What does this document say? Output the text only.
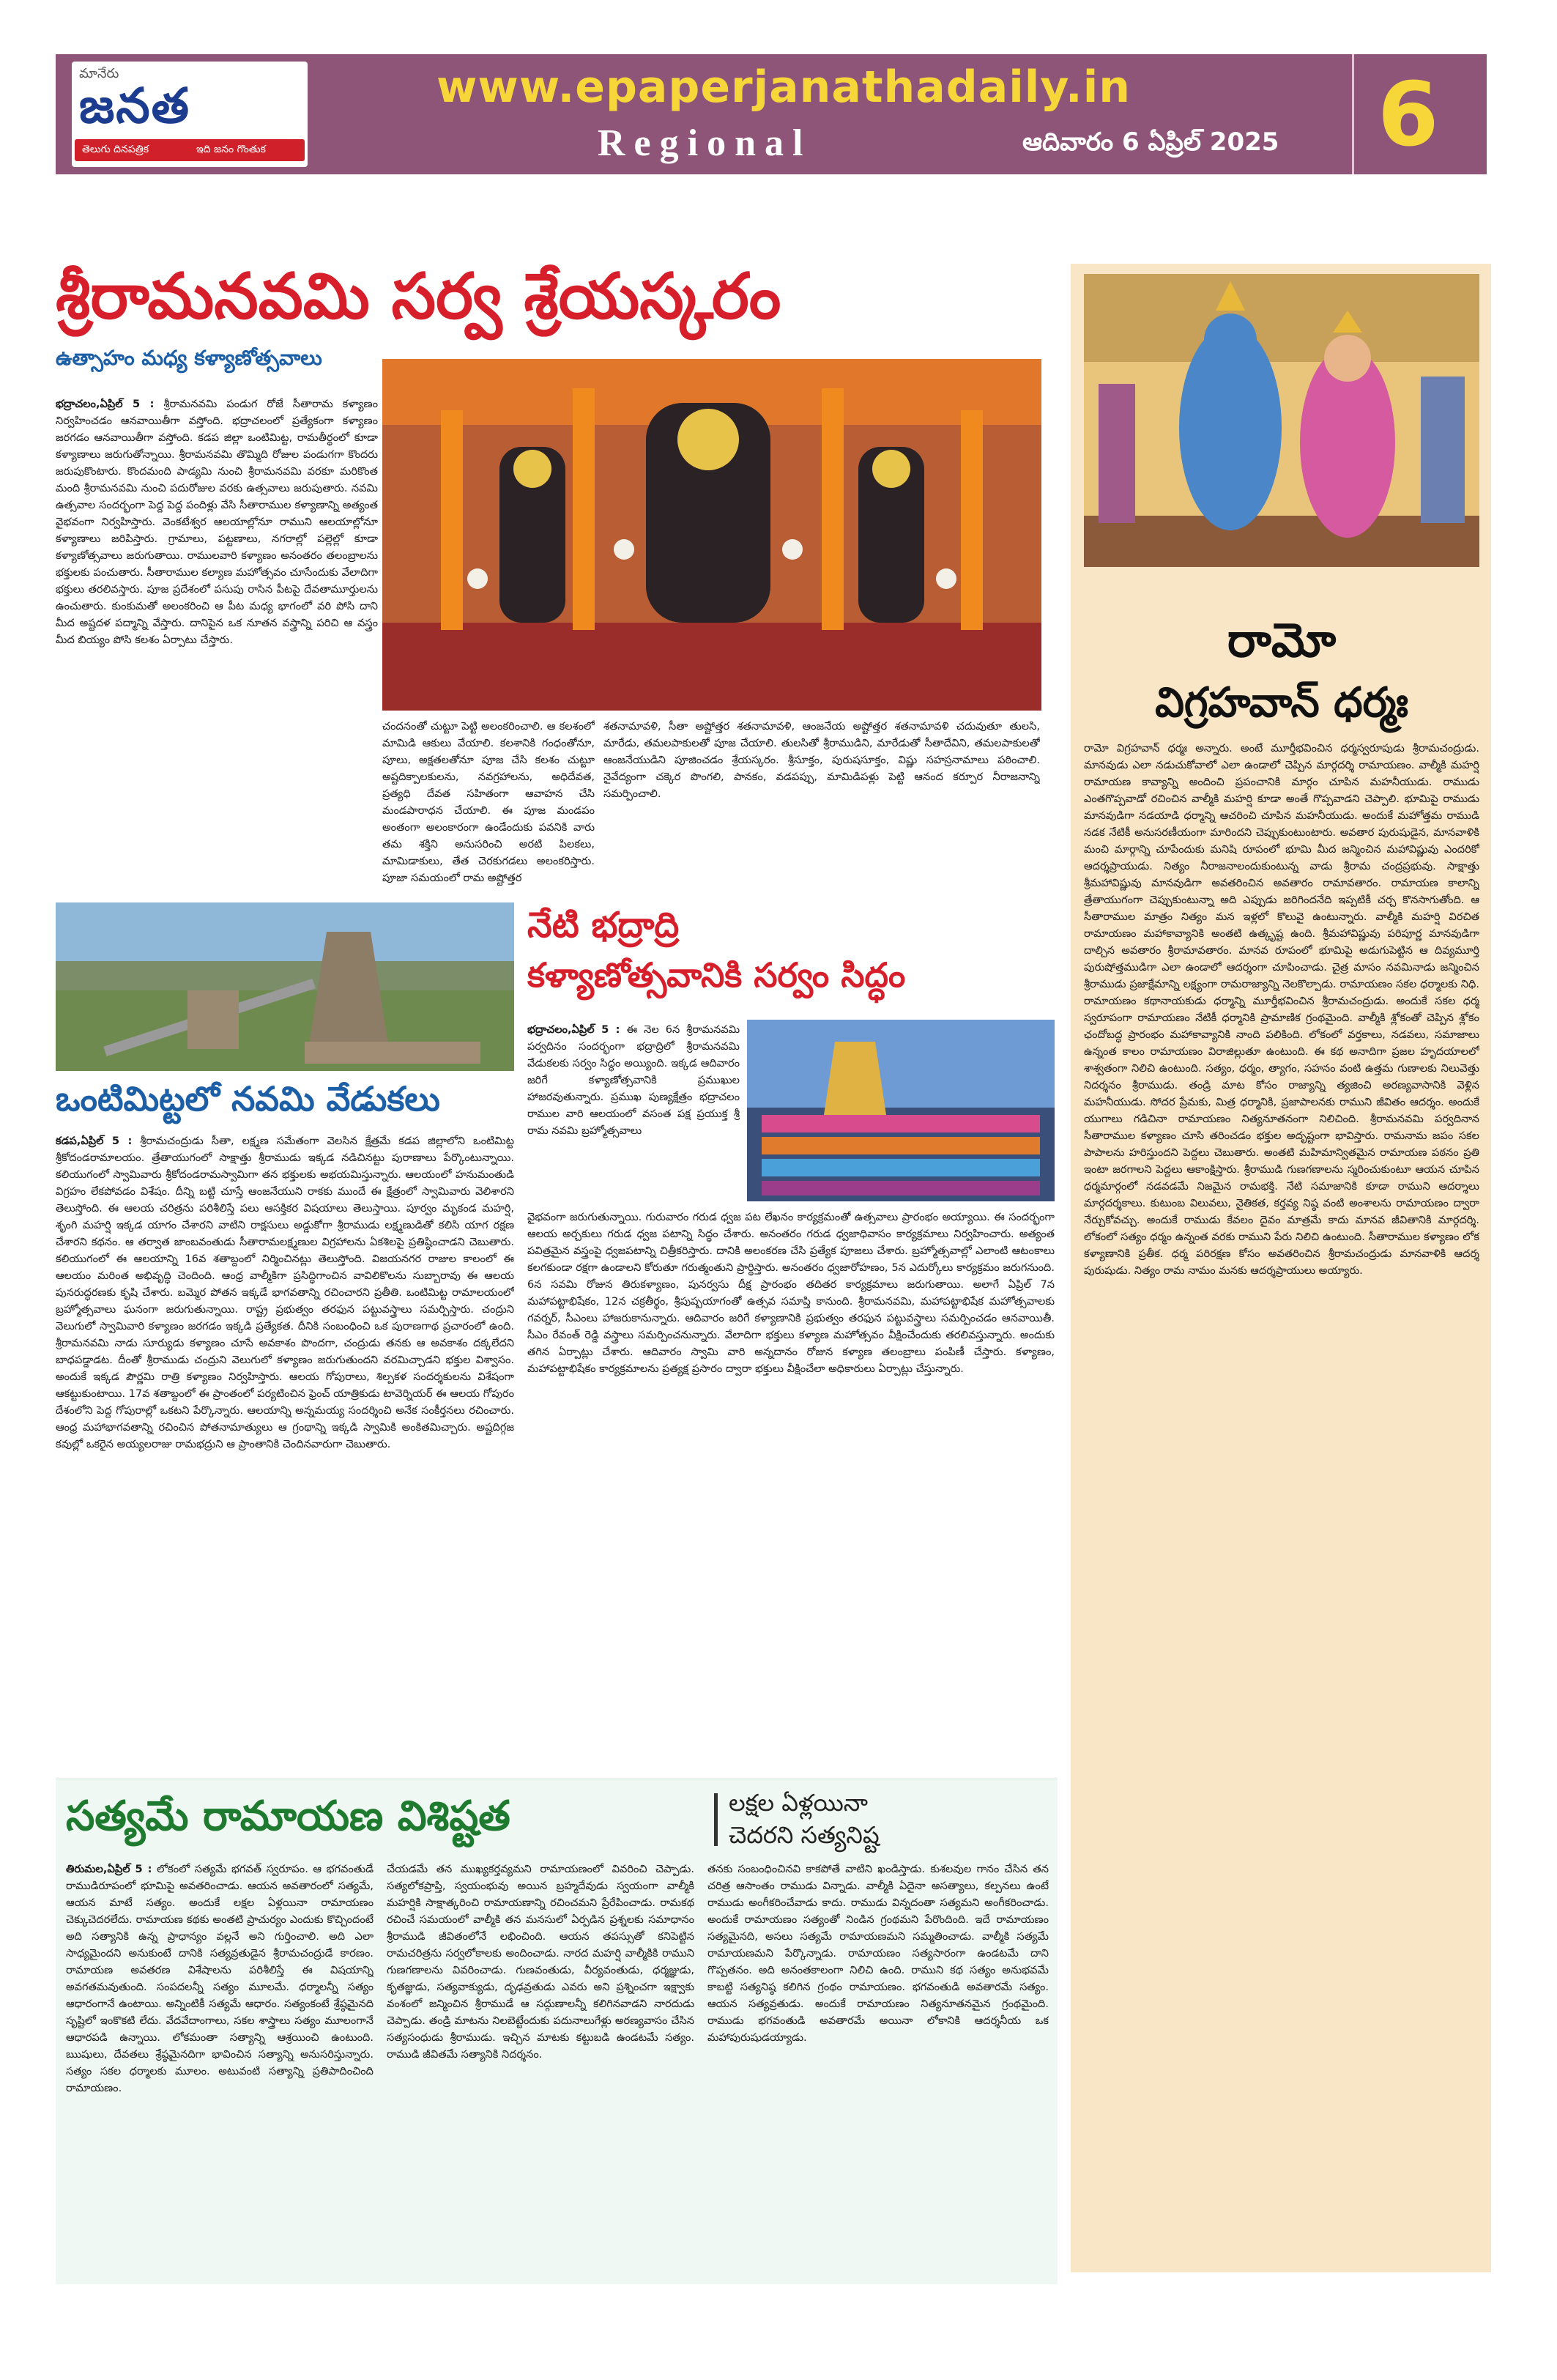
మానేరు
జనత
తెలుగు దినపత్రిక	ఇది జనం గొంతుక
www.epaperjanathadaily.in
Regional	ఆదివారం 6 ఏప్రిల్ 2025 6
శ్రీరామనవమి సర్వ శ్రేయస్కరం
ఉత్సాహం మధ్య కళ్యాణోత్సవాలు
భద్రాచలం,ఏప్రిల్ 5 : శ్రీరామనవమి పండుగ రోజే సీతారామ కళ్యాణం నిర్వహించడం ఆనవాయితీగా వస్తోంది. భద్రాచలంలో ప్రత్యేకంగా కళ్యాణం జరగడం ఆనవాయితీగా వస్తోంది. కడప జిల్లా ఒంటిమిట్ట, రామతీర్థంలో కూడా కళ్యాణాలు జరుగుతోన్నాయి. శ్రీరామనవమి తొమ్మిది రోజుల పండుగగా కొందరు జరుపుకొంటారు. కొందమంది పాడ్యమి నుంచి శ్రీరామనవమి వరకూ మరికొంత మంది శ్రీరామనవమి నుంచి పదురోజుల వరకు ఉత్సవాలు జరుపుతారు. నవమి ఉత్సవాల సందర్భంగా పెద్ద పెద్ద పందిళ్లు వేసి సీతారాముల కళ్యాణాన్ని అత్యంత వైభవంగా నిర్వహిస్తారు. వెంకటేశ్వర ఆలయాల్లోనూ రాముని ఆలయాల్లోనూ కళ్యాణాలు జరిపిస్తారు. గ్రామాలు, పట్టణాలు, నగరాల్లో పల్లెల్లో కూడా కళ్యాణోత్సవాలు జరుగుతాయి. రాములవారి కళ్యాణం అనంతరం తలంబ్రాలను భక్తులకు పంచుతారు. సీతారాముల కల్యాణ మహోత్సవం చూసేందుకు వేలాదిగా భక్తులు తరలివస్తారు. పూజ ప్రదేశంలో పసుపు రాసిన పీటపై దేవతామూర్తులను ఉంచుతారు. కుంకుమతో అలంకరించి ఆ పీట మధ్య భాగంలో వరి పోసి దాని మీద అష్టదళ పద్మాన్ని వేస్తారు. దానిపైన ఒక నూతన వస్త్రాన్ని పరిచి ఆ వస్త్రం మీద బియ్యం పోసి కలశం ఏర్పాటు చేస్తారు.
చందనంతో చుట్టూ పెట్టి అలంకరించాలి. ఆ కలశంలో మామిడి ఆకులు వేయాలి. కలశానికి గంధంతోనూ, పూలు, అక్షతలతోనూ పూజ చేసి కలశం చుట్టూ అష్టదిక్పాలకులను, నవగ్రహాలను, అధిదేవత, ప్రత్యధి దేవత సహితంగా ఆవాహన చేసి మండపారాధన చేయాలి. ఈ పూజ మండపం అంతంగా అలంకారంగా ఉండేందుకు పవనికి వారు తమ శక్తిని అనుసరించి అరటి పిలకలు, మామిడాకులు, తేత చెరకుగడలు అలంకరిస్తారు. పూజా సమయంలో రామ అష్టోత్తర
శతనామావళి, సీతా అష్టోత్తర శతనామావళి, ఆంజనేయ అష్టోత్తర శతనామావళి చదువుతూ తులసి, మారేడు, తమలపాకులతో పూజ చేయాలి. తులసితో శ్రీరాముడిని, మారేడుతో సీతాదేవిని, తమలపాకులతో ఆంజనేయుడిని పూజించడం శ్రేయస్కరం. శ్రీసూక్తం, పురుషసూక్తం, విష్ణు సహస్రనామాలు పఠించాలి. నైవేద్యంగా చక్కెర పొంగలి, పానకం, వడపప్పు, మామిడిపళ్లు పెట్టి ఆనంద కర్పూర నీరాజనాన్ని సమర్పించాలి.
ఒంటిమిట్టలో నవమి వేడుకలు
కడప,ఏప్రిల్ 5 : శ్రీరామచంద్రుడు సీతా, లక్ష్మణ సమేతంగా వెలసిన క్షేత్రమే కడప జిల్లాలోని ఒంటిమిట్ట శ్రీకోదండరామాలయం. త్రేతాయుగంలో సాక్షాత్తు శ్రీరాముడు ఇక్కడ నడిచినట్టు పురాణాలు పేర్కొంటున్నాయి. కలియుగంలో స్వామివారు శ్రీకోదండరామస్వామిగా తన భక్తులకు అభయమిస్తున్నారు. ఆలయంలో హనుమంతుడి విగ్రహం లేకపోవడం విశేషం. దీన్ని బట్టి చూస్తే ఆంజనేయుని రాకకు ముందే ఈ క్షేత్రంలో స్వామివారు వెలిశారని తెలుస్తోంది. ఈ ఆలయ చరిత్రను పరిశీలిస్తే పలు ఆసక్తికర విషయాలు తెలుస్తాయి. పూర్వం మృకండ మహర్షి, శృంగి మహర్షి ఇక్కడ యాగం చేశారని వాటిని రాక్షసులు అడ్డుకోగా శ్రీరాముడు లక్ష్మణుడితో కలిసి యాగ రక్షణ చేశారని కథనం. ఆ తర్వాత జాంబవంతుడు సీతారామలక్ష్మణుల విగ్రహాలను ఏకశిలపై ప్రతిష్ఠించాడని చెబుతారు. కలియుగంలో ఈ ఆలయాన్ని 16వ శతాబ్దంలో నిర్మించినట్లు తెలుస్తోంది. విజయనగర రాజుల కాలంలో ఈ ఆలయం మరింత అభివృద్ధి చెందింది. ఆంధ్ర వాల్మీకిగా ప్రసిద్ధిగాంచిన వావిలికొలను సుబ్బారావు ఈ ఆలయ పునరుద్ధరణకు కృషి చేశారు. బమ్మెర పోతన ఇక్కడే భాగవతాన్ని రచించారని ప్రతీతి. ఒంటిమిట్ట రామాలయంలో బ్రహ్మోత్సవాలు ఘనంగా జరుగుతున్నాయి. రాష్ట్ర ప్రభుత్వం తరఫున పట్టువస్త్రాలు సమర్పిస్తారు. చంద్రుని వెలుగులో స్వామివారి కళ్యాణం జరగడం ఇక్కడి ప్రత్యేకత. దీనికి సంబంధించి ఒక పురాణగాథ ప్రచారంలో ఉంది. శ్రీరామనవమి నాడు సూర్యుడు కళ్యాణం చూసే అవకాశం పొందగా, చంద్రుడు తనకు ఆ అవకాశం దక్కలేదని బాధపడ్డాడట. దీంతో శ్రీరాముడు చంద్రుని వెలుగులో కళ్యాణం జరుగుతుందని వరమిచ్చాడని భక్తుల విశ్వాసం. అందుకే ఇక్కడ పౌర్ణమి రాత్రి కళ్యాణం నిర్వహిస్తారు. ఆలయ గోపురాలు, శిల్పకళ సందర్శకులను విశేషంగా ఆకట్టుకుంటాయి. 17వ శతాబ్దంలో ఈ ప్రాంతంలో పర్యటించిన ఫ్రెంచ్ యాత్రికుడు టావెర్నియర్ ఈ ఆలయ గోపురం దేశంలోని పెద్ద గోపురాల్లో ఒకటని పేర్కొన్నారు. ఆలయాన్ని అన్నమయ్య సందర్శించి అనేక సంకీర్తనలు రచించారు. ఆంధ్ర మహాభాగవతాన్ని రచించిన పోతనామాత్యులు ఆ గ్రంథాన్ని ఇక్కడి స్వామికి అంకితమిచ్చారు. అష్టదిగ్గజ కవుల్లో ఒకరైన అయ్యలరాజు రామభద్రుని ఆ ప్రాంతానికి చెందినవారుగా చెబుతారు.
నేటి భద్రాద్రి
కళ్యాణోత్సవానికి సర్వం సిద్ధం
భద్రాచలం,ఏప్రిల్ 5 : ఈ నెల 6న శ్రీరామనవమి పర్వదినం సందర్భంగా భద్రాద్రిలో శ్రీరామనవమి వేడుకలకు సర్వం సిద్ధం అయ్యింది. ఇక్కడ ఆదివారం జరిగే కళ్యాణోత్సవానికి ప్రముఖుల హాజరవుతున్నారు. ప్రముఖ పుణ్యక్షేత్రం భద్రాచలం రాముల వారి ఆలయంలో వసంత పక్ష ప్రయుక్త శ్రీ రామ నవమి బ్రహ్మోత్సవాలు
వైభవంగా జరుగుతున్నాయి. గురువారం గరుడ ధ్వజ పట లేఖనం కార్యక్రమంతో ఉత్సవాలు ప్రారంభం అయ్యాయి. ఈ సందర్భంగా ఆలయ అర్చకులు గరుడ ధ్వజ పటాన్ని సిద్ధం చేశారు. అనంతరం గరుడ ధ్వజాధివాసం కార్యక్రమాలు నిర్వహించారు. అత్యంత పవిత్రమైన వస్త్రంపై ధ్వజపటాన్ని చిత్రీకరిస్తారు. దానికి అలంకరణ చేసి ప్రత్యేక పూజలు చేశారు. బ్రహ్మోత్సవాల్లో ఎలాంటి ఆటంకాలు కలగకుండా రక్షగా ఉండాలని కోరుతూ గరుత్మంతుని ప్రార్థిస్తారు. అనంతరం ధ్వజారోహణం, 5న ఎదుర్కోలు కార్యక్రమం జరుగనుంది. 6న సవమి రోజున తిరుకళ్యాణం, పునర్వసు దీక్ష ప్రారంభం తదితర కార్యక్రమాలు జరుగుతాయి. అలాగే ఏప్రిల్ 7న మహాపట్టాభిషేకం, 12న చక్రతీర్థం, శ్రీపుష్పయాగంతో ఉత్సవ సమాప్తి కానుంది. శ్రీరామనవమి, మహాపట్టాభిషేక మహోత్సవాలకు గవర్నర్, సీఎంలు హాజరుకానున్నారు. ఆదివారం జరిగే కళ్యాణానికి ప్రభుత్వం తరఫున పట్టువస్త్రాలు సమర్పించడం ఆనవాయితీ. సీఎం రేవంత్ రెడ్డి వస్త్రాలు సమర్పించనున్నారు. వేలాదిగా భక్తులు కళ్యాణ మహోత్సవం వీక్షించేందుకు తరలివస్తున్నారు. అందుకు తగిన ఏర్పాట్లు చేశారు. ఆదివారం స్వామి వారి అన్నదానం రోజున కళ్యాణ తలంబ్రాలు పంపిణీ చేస్తారు. కళ్యాణం, మహాపట్టాభిషేకం కార్యక్రమాలను ప్రత్యక్ష ప్రసారం ద్వారా భక్తులు వీక్షించేలా అధికారులు ఏర్పాట్లు చేస్తున్నారు.
సత్యమే రామాయణ విశిష్టత	లక్షల ఏళ్లయినా
చెదరని సత్యనిష్ట
తిరుమల,ఏప్రిల్ 5 : లోకంలో సత్యమే భగవత్ స్వరూపం. ఆ భగవంతుడే రాముడిరూపంలో భూమిపై అవతరించాడు. ఆయన అవతారంలో సత్యమే, ఆయన మాటే సత్యం. అందుకే లక్షల ఏళ్లయినా రామాయణం చెక్కుచెదరలేదు. రామాయణ కథకు అంతటి ప్రాచుర్యం ఎందుకు కొచ్చిందంటే అది సత్యానికి ఉన్న ప్రాధాన్యం వల్లనే అని గుర్తించాలి. అది ఎలా సాధ్యమైందని అనుకుంటే దానికి సత్యవ్రతుడైన శ్రీరామచంద్రుడే కారణం. రామాయణ అవతరణ విశేషాలను పరిశీలిస్తే ఈ విషయాన్ని అవగతమవుతుంది. సంపదలన్నీ సత్యం మూలమే. ధర్మాలన్నీ సత్యం ఆధారంగానే ఉంటాయి. అన్నింటికీ సత్యమే ఆధారం. సత్యంకంటే శ్రేష్ఠమైనది సృష్టిలో ఇంకొకటి లేదు. వేదవేదాంగాలు, సకల శాస్త్రాలు సత్యం మూలంగానే ఆధారపడి ఉన్నాయి. లోకమంతా సత్యాన్ని ఆశ్రయించి ఉంటుంది. ఋషులు, దేవతలు శ్రేష్ఠమైనదిగా భావించిన సత్యాన్ని అనుసరిస్తున్నారు. సత్యం సకల ధర్మాలకు మూలం. అటువంటి సత్యాన్ని ప్రతిపాదించింది రామాయణం.
చేయడమే తన ముఖ్యకర్తవ్యమని రామాయణంలో వివరించి చెప్పాడు. సత్యలోకప్రాప్తి, స్వయంభువు అయిన బ్రహ్మదేవుడు స్వయంగా వాల్మీకి మహర్షికి సాక్షాత్కరించి రామాయణాన్ని రచించమని ప్రేరేపించాడు. రామకథ రచించే సమయంలో వాల్మీకి తన మనసులో ఏర్పడిన ప్రశ్నలకు సమాధానం శ్రీరాముడి జీవితంలోనే లభించింది. ఆయన తపస్సుతో కనిపెట్టిన రామచరిత్రను సర్వలోకాలకు అందించాడు. నారద మహర్షి వాల్మీకికి రాముని గుణగణాలను వివరించాడు. గుణవంతుడు, వీర్యవంతుడు, ధర్మజ్ఞుడు, కృతజ్ఞుడు, సత్యవాక్యుడు, దృఢవ్రతుడు ఎవరు అని ప్రశ్నించగా ఇక్ష్వాకు వంశంలో జన్మించిన శ్రీరాముడే ఆ సద్గుణాలన్నీ కలిగినవాడని నారదుడు చెప్పాడు. తండ్రి మాటను నిలబెట్టేందుకు పదునాలుగేళ్లు అరణ్యవాసం చేసిన సత్యసంధుడు శ్రీరాముడు. ఇచ్చిన మాటకు కట్టుబడి ఉండటమే సత్యం. రాముడి జీవితమే సత్యానికి నిదర్శనం.
తనకు సంబంధించినవి కాకపోతే వాటిని ఖండిస్తాడు. కుశలవుల గానం చేసిన తన చరిత్ర ఆసాంతం రాముడు విన్నాడు. వాల్మీకి ఏదైనా అసత్యాలు, కల్పనలు ఉంటే రాముడు అంగీకరించేవాడు కాదు. రాముడు విన్నదంతా సత్యమని అంగీకరించాడు. అందుకే రామాయణం సత్యంతో నిండిన గ్రంథమని పేరొందింది. ఇదే రామాయణం సత్యమైనది, అసలు సత్యమే రామాయణమని సమ్మతించాడు. వాల్మీకి సత్యమే రామాయణమని పేర్కొన్నాడు. రామాయణం సత్యసారంగా ఉండటమే దాని గొప్పతనం. అది అనంతకాలంగా నిలిచి ఉంది. రాముని కథ సత్యం అనుభవమే కాబట్టి సత్యనిష్ఠ కలిగిన గ్రంథం రామాయణం. భగవంతుడి అవతారమే సత్యం. ఆయన సత్యవ్రతుడు. అందుకే రామాయణం నిత్యనూతనమైన గ్రంథమైంది. రాముడు భగవంతుడి అవతారమే అయినా లోకానికి ఆదర్శనీయ ఒక మహాపురుషుడయ్యాడు.
రామో
విగ్రహవాన్ ధర్మః
రామో విగ్రహవాన్ ధర్మః అన్నారు. అంటే మూర్తీభవించిన ధర్మస్వరూపుడు శ్రీరామచంద్రుడు. మానవుడు ఎలా నడుచుకోవాలో ఎలా ఉండాలో చెప్పిన మార్గదర్శి రామాయణం. వాల్మీకి మహర్షి రామాయణ కావ్యాన్ని అందించి ప్రపంచానికి మార్గం చూపిన మహనీయుడు. రాముడు ఎంతగొప్పవాడో రచించిన వాల్మీకి మహర్షి కూడా అంతే గొప్పవాడని చెప్పాలి. భూమిపై రాముడు మానవుడిగా నడయాడి ధర్మాన్ని ఆచరించి చూపిన మహనీయుడు. అందుకే మహోత్తమ రాముడి నడక నేటికీ అనుసరణీయంగా మారిందని చెప్పుకుంటుంటారు. అవతార పురుషుడైన, మానవాళికి మంచి మార్గాన్ని చూపేందుకు మనిషి రూపంలో భూమి మీద జన్మించిన మహావిష్ణువు ఎందరికో ఆదర్శప్రాయుడు. నిత్యం నీరాజనాలందుకుంటున్న వాడు శ్రీరామ చంద్రప్రభువు. సాక్షాత్తు శ్రీమహావిష్ణువు మానవుడిగా అవతరించిన అవతారం రామావతారం. రామాయణ కాలాన్ని త్రేతాయుగంగా చెప్పుకుంటున్నా అది ఎప్పుడు జరిగిందనేది ఇప్పటికీ చర్చ కొనసాగుతోంది. ఆ సీతారాముల మాత్రం నిత్యం మన ఇళ్లలో కొలువై ఉంటున్నారు. వాల్మీకి మహర్షి విరచిత రామాయణం మహాకావ్యానికి అంతటి ఉత్కృష్ట ఉంది. శ్రీమహావిష్ణువు పరిపూర్ణ మానవుడిగా దాల్చిన అవతారం శ్రీరామావతారం. మానవ రూపంలో భూమిపై అడుగుపెట్టిన ఆ దివ్యమూర్తి పురుషోత్తముడిగా ఎలా ఉండాలో ఆదర్శంగా చూపించాడు. చైత్ర మాసం నవమినాడు జన్మించిన శ్రీరాముడు ప్రజాక్షేమాన్ని లక్ష్యంగా రామరాజ్యాన్ని నెలకొల్పాడు. రామాయణం సకల ధర్మాలకు నిధి. రామాయణం కథానాయకుడు ధర్మాన్ని మూర్తీభవించిన శ్రీరామచంద్రుడు. అందుకే సకల ధర్మ స్వరూపంగా రామాయణం నేటికీ ధర్మానికి ప్రామాణిక గ్రంథమైంది. వాల్మీకి శ్లోకంతో చెప్పిన శ్లోకం ఛందోబద్ధ ప్రారంభం మహాకావ్యానికి నాంది పలికింది. లోకంలో వర్తకాలు, నడవలు, సమాజాలు ఉన్నంత కాలం రామాయణం విరాజిల్లుతూ ఉంటుంది. ఈ కథ అనాదిగా ప్రజల హృదయాలలో శాశ్వతంగా నిలిచి ఉంటుంది. సత్యం, ధర్మం, త్యాగం, సహనం వంటి ఉత్తమ గుణాలకు నిలువెత్తు నిదర్శనం శ్రీరాముడు. తండ్రి మాట కోసం రాజ్యాన్ని త్యజించి అరణ్యవాసానికి వెళ్లిన మహనీయుడు. సోదర ప్రేమకు, మిత్ర ధర్మానికి, ప్రజాపాలనకు రాముని జీవితం ఆదర్శం. అందుకే యుగాలు గడిచినా రామాయణం నిత్యనూతనంగా నిలిచింది. శ్రీరామనవమి పర్వదినాన సీతారాముల కళ్యాణం చూసి తరించడం భక్తుల అదృష్టంగా భావిస్తారు. రామనామ జపం సకల పాపాలను హరిస్తుందని పెద్దలు చెబుతారు. అంతటి మహిమాన్వితమైన రామాయణ పఠనం ప్రతి ఇంటా జరగాలని పెద్దలు ఆకాంక్షిస్తారు. శ్రీరాముడి గుణగణాలను స్మరించుకుంటూ ఆయన చూపిన ధర్మమార్గంలో నడవడమే నిజమైన రామభక్తి. నేటి సమాజానికి కూడా రాముని ఆదర్శాలు మార్గదర్శకాలు. కుటుంబ విలువలు, నైతికత, కర్తవ్య నిష్ఠ వంటి అంశాలను రామాయణం ద్వారా నేర్చుకోవచ్చు. అందుకే రాముడు కేవలం దైవం మాత్రమే కాదు మానవ జీవితానికి మార్గదర్శి. లోకంలో సత్యం ధర్మం ఉన్నంత వరకు రాముని పేరు నిలిచి ఉంటుంది. సీతారాముల కళ్యాణం లోక కళ్యాణానికి ప్రతీక. ధర్మ పరిరక్షణ కోసం అవతరించిన శ్రీరామచంద్రుడు మానవాళికి ఆదర్శ పురుషుడు. నిత్యం రామ నామం మనకు ఆదర్శప్రాయులు అయ్యారు.
